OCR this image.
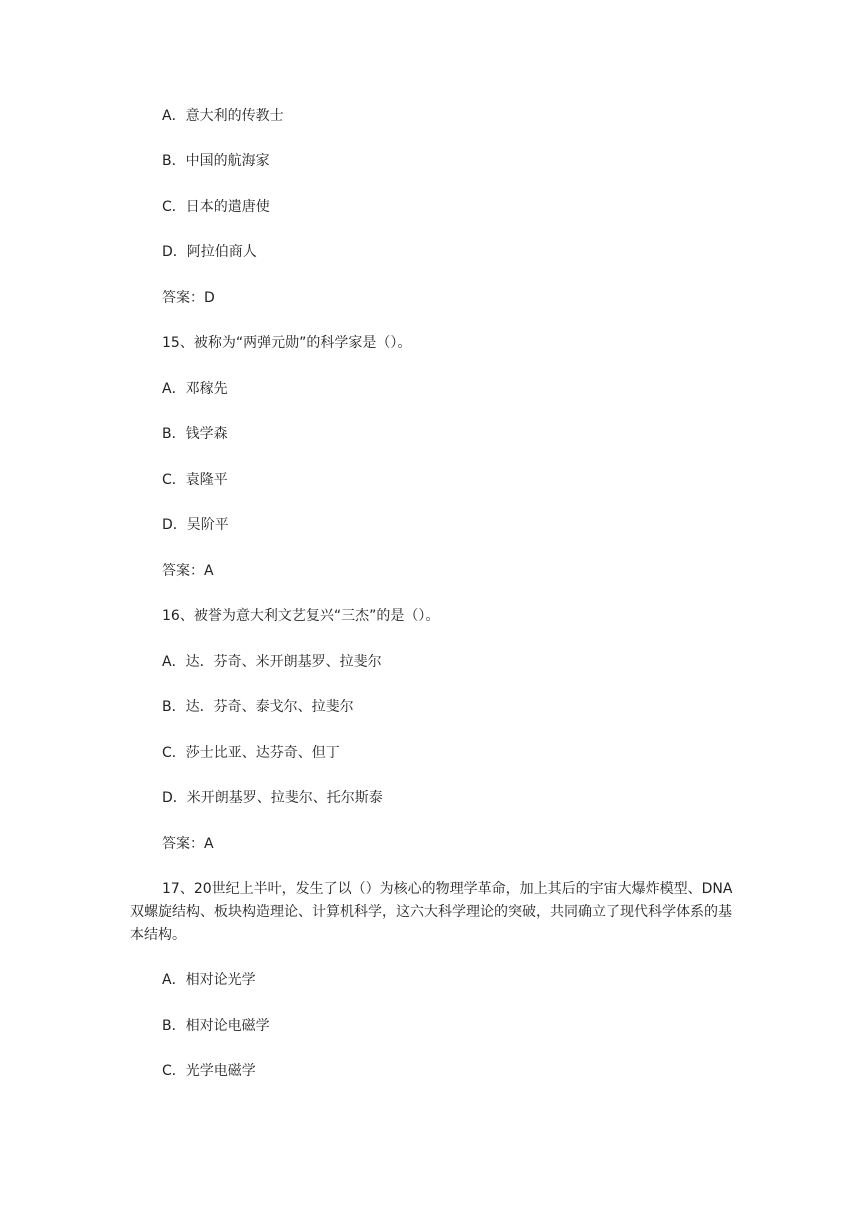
A．意大利的传教士
B．中国的航海家
C．日本的遣唐使
D．阿拉伯商人
答案：D
15、被称为“两弹元勋”的科学家是（）。
A．邓稼先
B．钱学森
C．袁隆平
D．吴阶平
答案：A
16、被誉为意大利文艺复兴“三杰”的是（）。
A．达．芬奇、米开朗基罗、拉斐尔
B．达．芬奇、泰戈尔、拉斐尔
C．莎士比亚、达芬奇、但丁
D．米开朗基罗、拉斐尔、托尔斯泰
答案：A
17、20世纪上半叶，发生了以（）为核心的物理学革命，加上其后的宇宙大爆炸模型、DNA双螺旋结构、板块构造理论、计算机科学，这六大科学理论的突破，共同确立了现代科学体系的基本结构。
A．相对论光学
B．相对论电磁学
C．光学电磁学
